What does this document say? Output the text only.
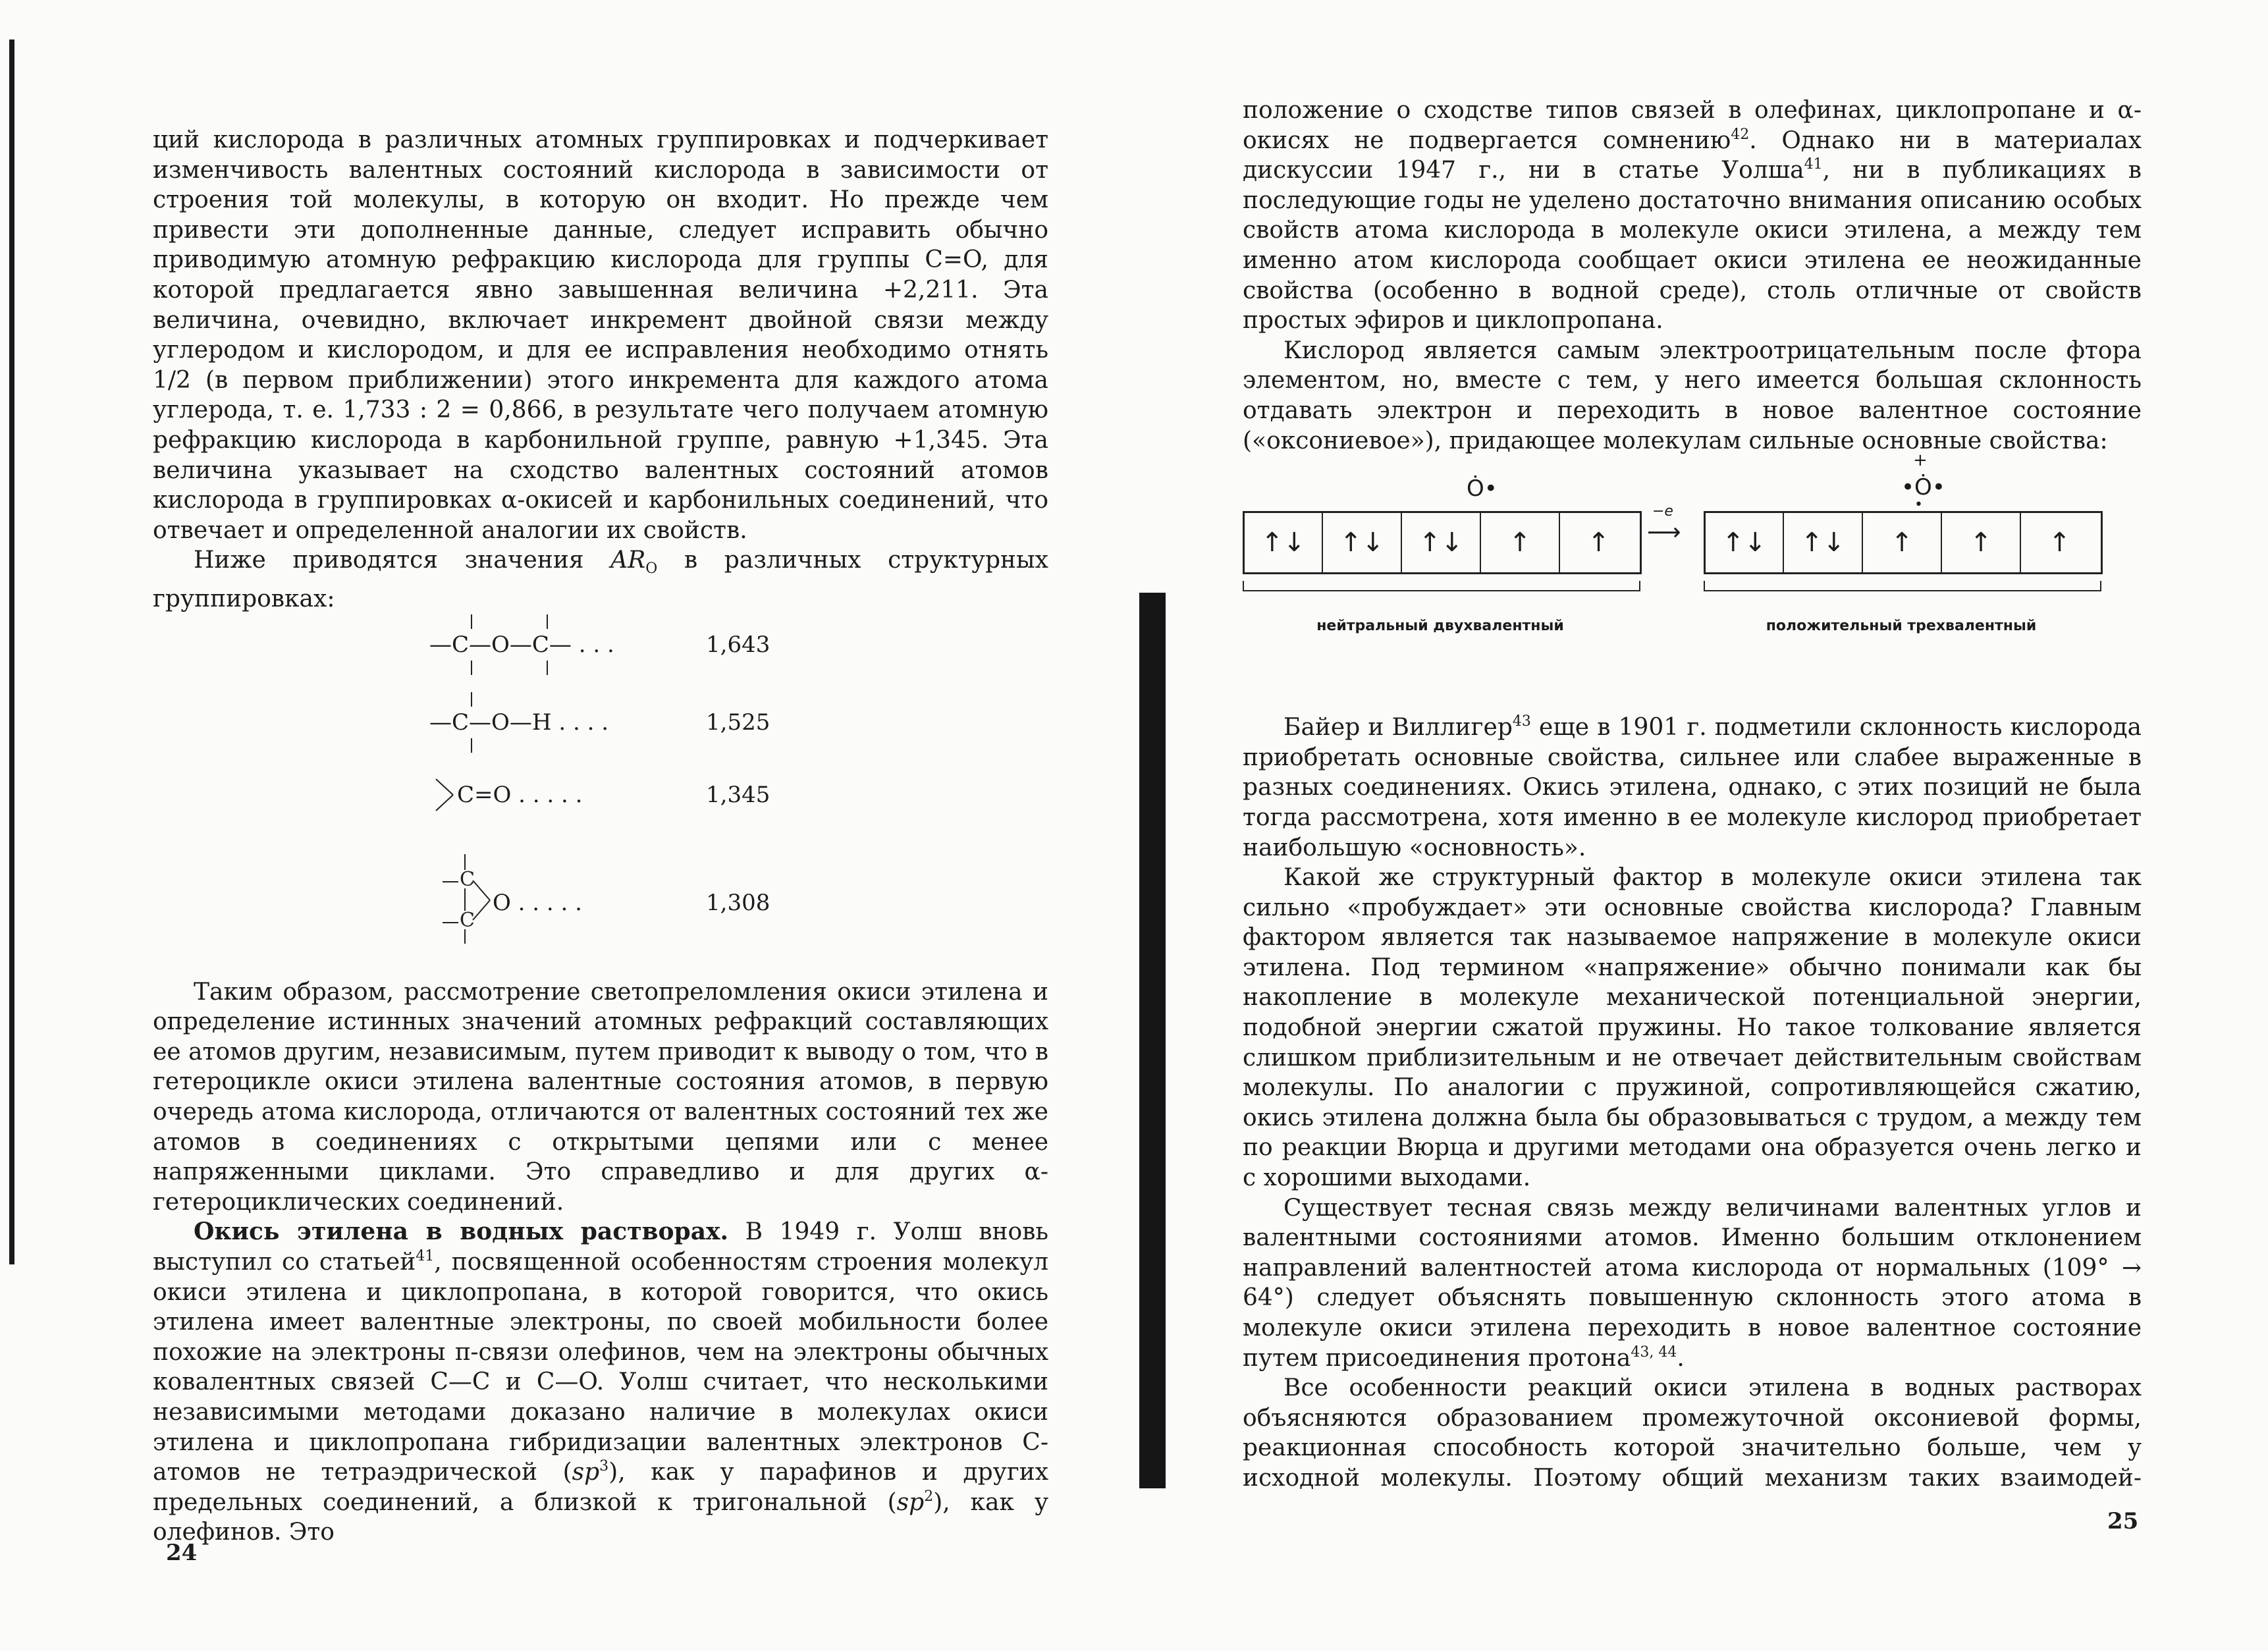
ций кислорода в различных атомных группировках и подчеркивает изменчивость валентных состояний кислорода в зависимости от строения той молекулы, в которую он входит. Но прежде чем привести эти дополненные данные, следует исправить обычно приводимую атомную рефракцию кислорода для группы C=O, для которой предлагается явно завышенная величина +2,211. Эта величина, очевидно, включает инкремент двойной связи между углеродом и кислородом, и для ее исправления необходимо отнять 1/2 (в первом приближении) этого инкремента для каждого атома углерода, т. е. 1,733 : 2 = 0,866, в результате чего получаем атомную рефракцию кислорода в карбонильной группе, равную +1,345. Эта величина указывает на сходство валентных состояний атомов кислорода в группировках α-окисей и карбонильных соединений, что отвечает и определенной аналогии их свойств.

Ниже приводятся значения $AR_O$ в различных структурных группировках:

—C—O—C— . . .	1,643
—C—O—H . . . .	1,525
C=O . . . . .	1,345
C
C
O . . . . .	1,308

Таким образом, рассмотрение светопреломления окиси этилена и определение истинных значений атомных рефракций составляющих ее атомов другим, независимым, путем приводит к выводу о том, что в гетероцикле окиси этилена валентные состояния атомов, в первую очередь атома кислорода, отличаются от валентных состояний тех же атомов в соединениях с открытыми цепями или с менее напряженными циклами. Это справедливо и для других α-гетероциклических соединений.

Окись этилена в водных растворах. В 1949 г. Уолш вновь выступил со статьей$^{41}$, посвященной особенностям строения молекул окиси этилена и циклопропана, в которой говорится, что окись этилена имеет валентные электроны, по своей мобильности более похожие на электроны π-связи олефинов, чем на электроны обычных ковалентных связей C—C и C—O. Уолш считает, что несколькими независимыми методами доказано наличие в молекулах окиси этилена и циклопропана гибридизации валентных электронов C-атомов не тетраэдрической $(sp^3)$, как у парафинов и других предельных соединений, а близкой к тригональной $(sp^2)$, как у олефинов. Это

24

положение о сходстве типов связей в олефинах, циклопропане и α-окисях не подвергается сомнению$^{42}$. Однако ни в материалах дискуссии 1947 г., ни в статье Уолша$^{41}$, ни в публикациях в последующие годы не уделено достаточно внимания описанию особых свойств атома кислорода в молекуле окиси этилена, а между тем именно атом кислорода сообщает окиси этилена ее неожиданные свойства (особенно в водной среде), столь отличные от свойств простых эфиров и циклопропана.

Кислород является самым электроотрицательным после фтора элементом, но, вместе с тем, у него имеется большая склонность отдавать электрон и переходить в новое валентное состояние («оксониевое»), придающее молекулам сильные основные свойства:

Ȯ•
+
•Ȯ•
•
↑↓	↑↓	↑↓	↑	↑
−e
⟶	↑↓	↑↓	↑	↑	↑
нейтральный двухвалентный	положительный трехвалентный

Байер и Виллигер$^{43}$ еще в 1901 г. подметили склонность кислорода приобретать основные свойства, сильнее или слабее выраженные в разных соединениях. Окись этилена, однако, с этих позиций не была тогда рассмотрена, хотя именно в ее молекуле кислород приобретает наибольшую «основность».

Какой же структурный фактор в молекуле окиси этилена так сильно «пробуждает» эти основные свойства кислорода? Главным фактором является так называемое напряжение в молекуле окиси этилена. Под термином «напряжение» обычно понимали как бы накопление в молекуле механической потенциальной энергии, подобной энергии сжатой пружины. Но такое толкование является слишком приблизительным и не отвечает действительным свойствам молекулы. По аналогии с пружиной, сопротивляющейся сжатию, окись этилена должна была бы образовываться с трудом, а между тем по реакции Вюрца и другими методами она образуется очень легко и с хорошими выходами.

Существует тесная связь между величинами валентных углов и валентными состояниями атомов. Именно большим отклонением направлений валентностей атома кислорода от нормальных (109° → 64°) следует объяснять повышенную склонность этого атома в молекуле окиси этилена переходить в новое валентное состояние путем присоединения протона$^{43, 44}$.

Все особенности реакций окиси этилена в водных растворах объясняются образованием промежуточной оксониевой формы, реакционная способность которой значительно больше, чем у исходной молекулы. Поэтому общий механизм таких взаимодей-

25
